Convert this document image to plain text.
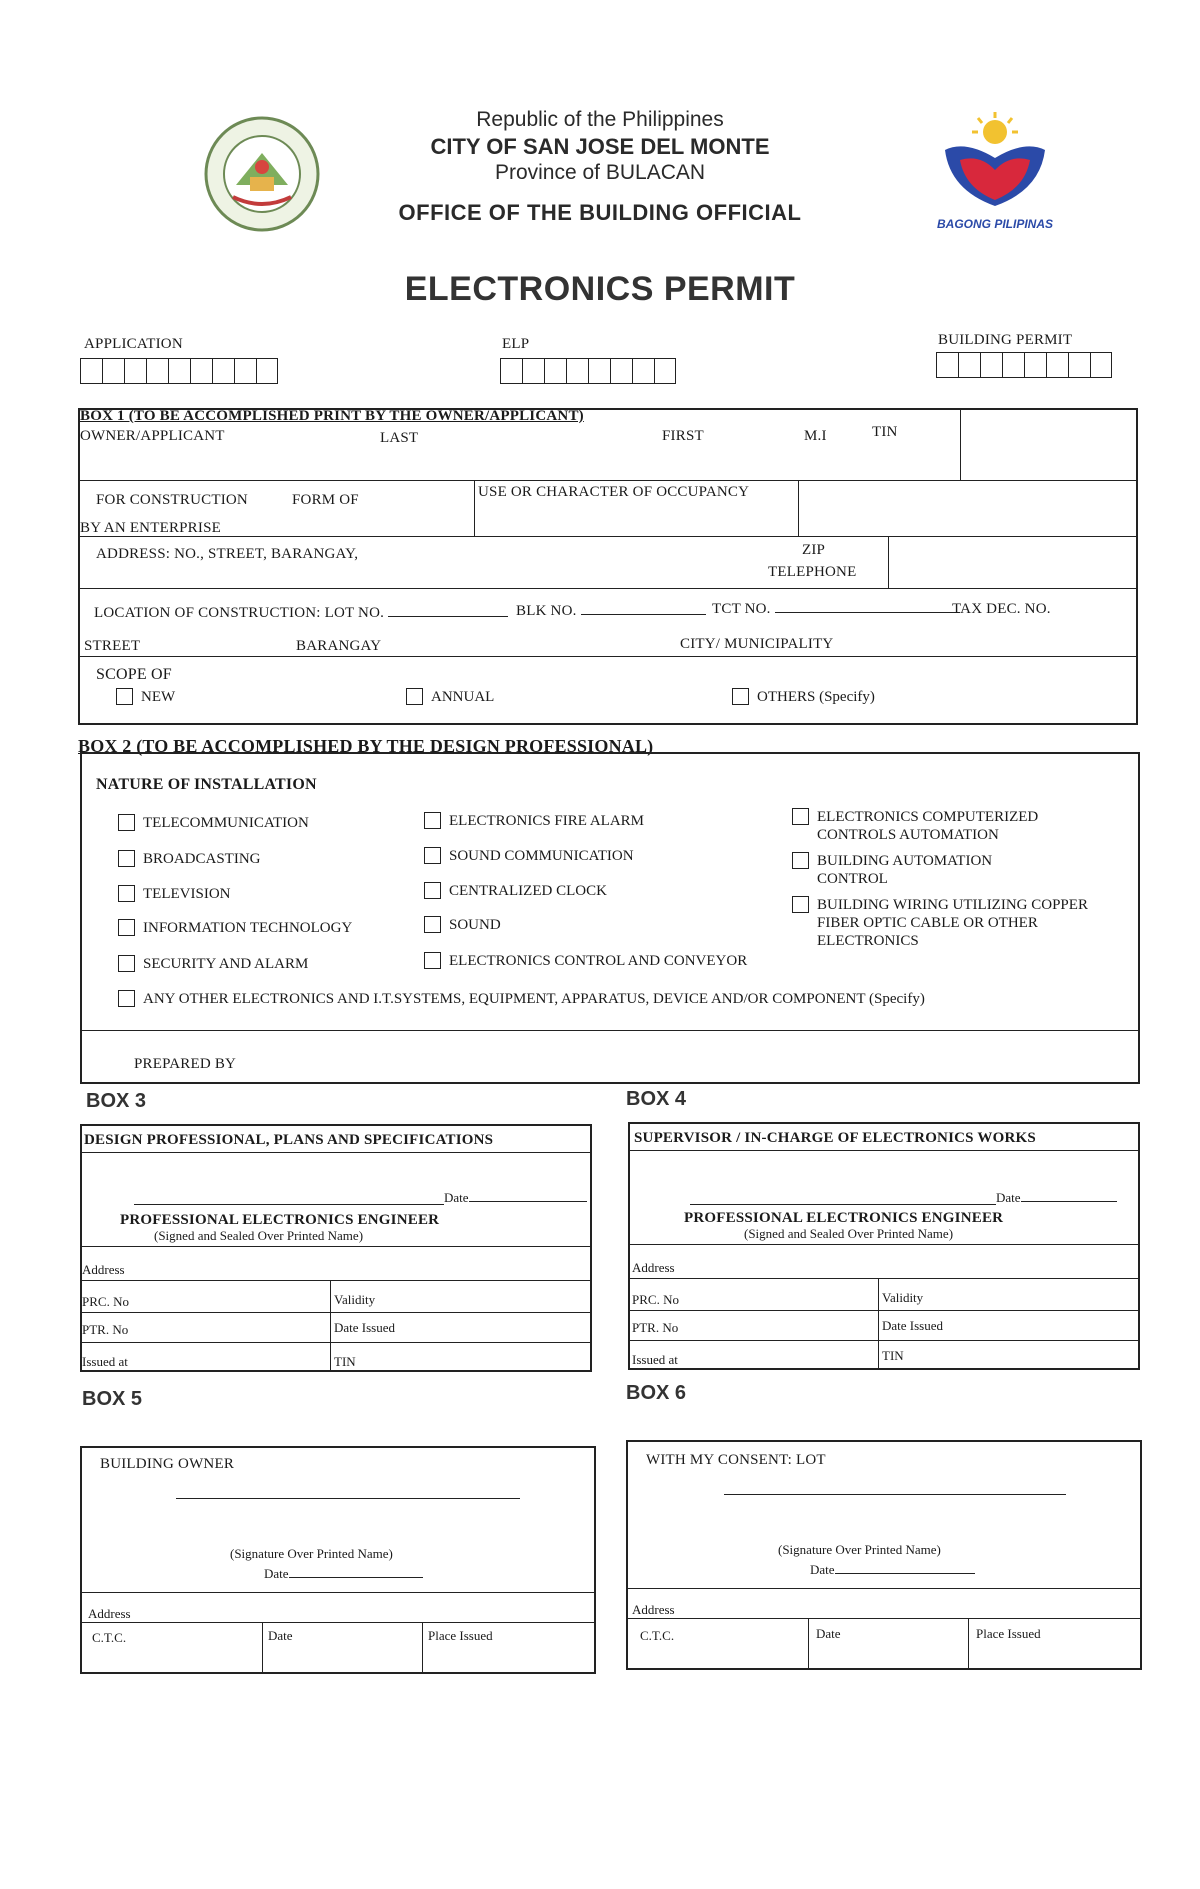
Republic of the Philippines
CITY OF SAN JOSE DEL MONTE
Province of BULACAN
OFFICE OF THE BUILDING OFFICIAL	BAGONG PILIPINAS
ELECTRONICS PERMIT
APPLICATION	ELP	BUILDING PERMIT
BOX 1 (TO BE ACCOMPLISHED PRINT BY THE OWNER/APPLICANT)
OWNER/APPLICANT	LAST	FIRST	M.I	TIN
FOR CONSTRUCTION	FORM OF
BY AN ENTERPRISE
USE OR CHARACTER OF OCCUPANCY
ADDRESS: NO., STREET, BARANGAY,	ZIP
TELEPHONE
LOCATION OF CONSTRUCTION: LOT NO.	BLK NO.	TCT NO.	TAX DEC. NO.
STREET	BARANGAY	CITY/ MUNICIPALITY
SCOPE OF
NEW	ANNUAL	OTHERS (Specify)
BOX 2 (TO BE ACCOMPLISHED BY THE DESIGN PROFESSIONAL)
NATURE OF INSTALLATION
TELECOMMUNICATION
BROADCASTING
TELEVISION
INFORMATION TECHNOLOGY
SECURITY AND ALARM
ELECTRONICS FIRE ALARM
SOUND COMMUNICATION
CENTRALIZED CLOCK
SOUND
ELECTRONICS CONTROL AND CONVEYOR
ELECTRONICS COMPUTERIZED CONTROLS AUTOMATION
BUILDING AUTOMATION CONTROL
BUILDING WIRING UTILIZING COPPER FIBER OPTIC CABLE OR OTHER ELECTRONICS
ANY OTHER ELECTRONICS AND I.T.SYSTEMS, EQUIPMENT, APPARATUS, DEVICE AND/OR COMPONENT (Specify)
PREPARED BY
BOX 3
DESIGN PROFESSIONAL, PLANS AND SPECIFICATIONS
Date
PROFESSIONAL ELECTRONICS ENGINEER
(Signed and Sealed Over Printed Name)
Address
PRC. No	Validity
PTR. No	Date Issued
Issued at	TIN
BOX 4
SUPERVISOR / IN-CHARGE OF ELECTRONICS WORKS
Date
PROFESSIONAL ELECTRONICS ENGINEER
(Signed and Sealed Over Printed Name)
Address
PRC. No	Validity
PTR. No	Date Issued
Issued at	TIN
BOX 5
BUILDING OWNER
(Signature Over Printed Name)
Date
Address
C.T.C.	Date	Place Issued
BOX 6
WITH MY CONSENT: LOT
(Signature Over Printed Name)
Date
Address
C.T.C.	Date	Place Issued
